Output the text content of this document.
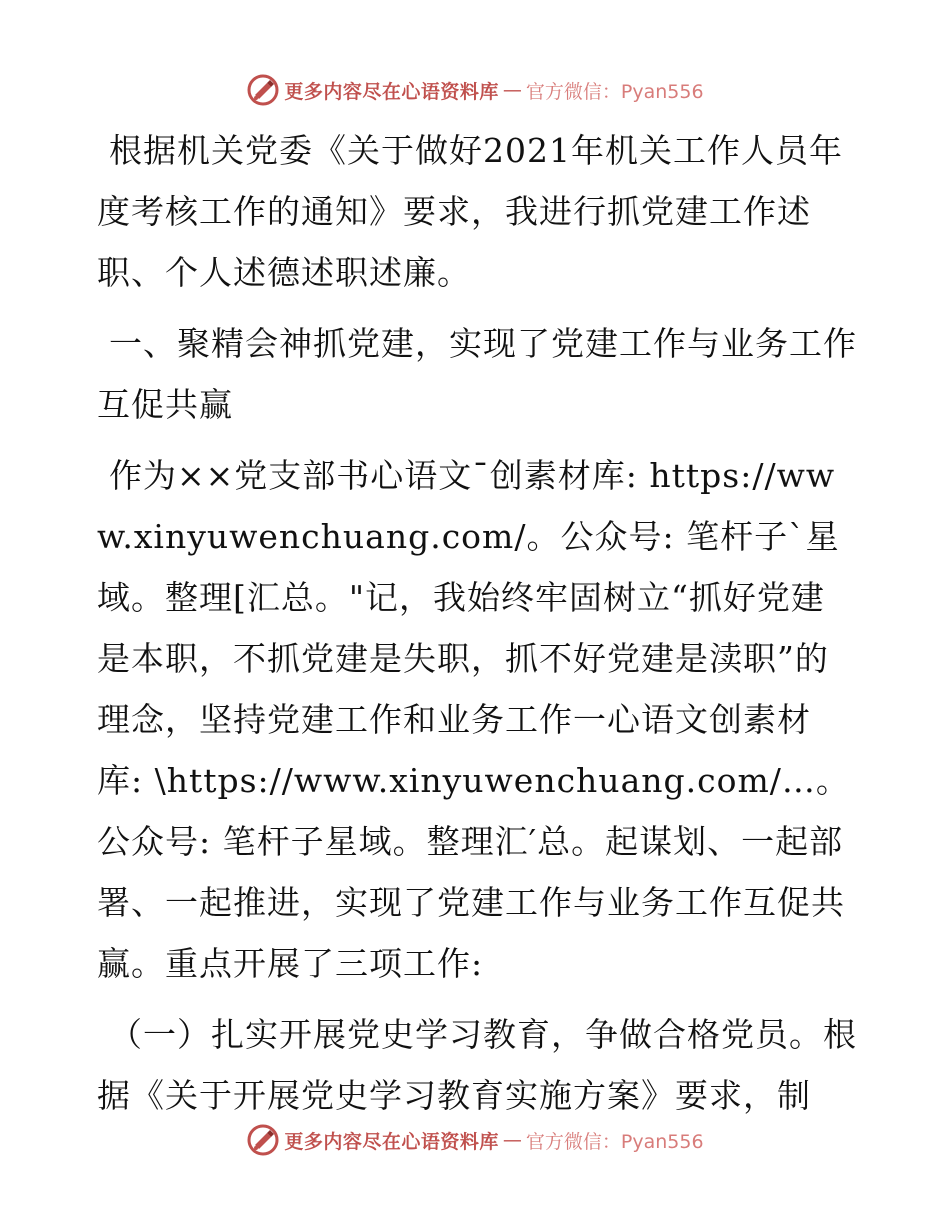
更多内容尽在心语资料库 — 官方微信：Pyan556

根据机关党委《关于做好2021年机关工作人员年度考核工作的通知》要求，我进行抓党建工作述职、个人述德述职述廉。

一、聚精会神抓党建，实现了党建工作与业务工作互促共赢

作为××党支部书心语文¯创素材库: https://www.xinyuwenchuang.com/。公众号: 笔杆子`星域。整理[汇总。"记，我始终牢固树立“抓好党建是本职，不抓党建是失职，抓不好党建是渎职”的理念，坚持党建工作和业务工作一心语文创素材库: \https://www.xinyuwenchuang.com/…。公众号: 笔杆子星域。整理汇′总。起谋划、一起部署、一起推进，实现了党建工作与业务工作互促共赢。重点开展了三项工作:

（一）扎实开展党史学习教育，争做合格党员。根据《关于开展党史学习教育实施方案》要求，制

更多内容尽在心语资料库 — 官方微信：Pyan556
